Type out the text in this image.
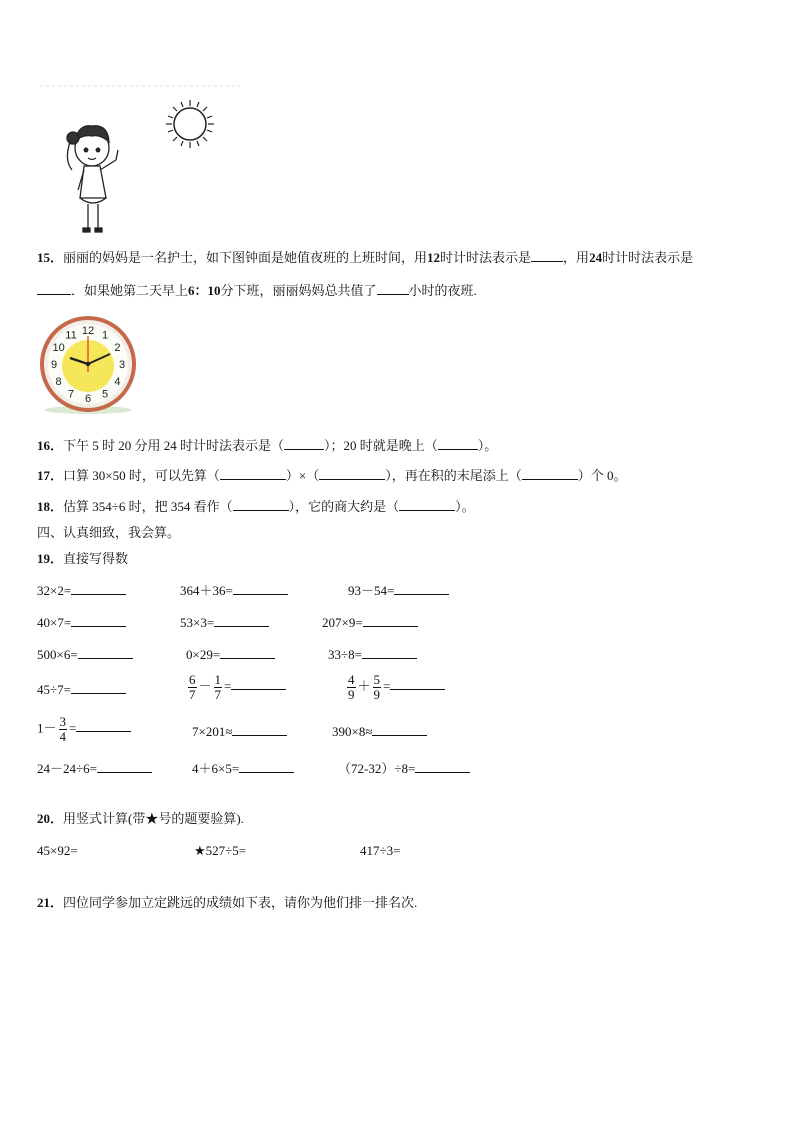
15．丽丽的妈妈是一名护士，如下图钟面是她值夜班的上班时间，用12时计时法表示是 ，用24时计时法表示是
．如果她第二天早上6：10分下班，丽丽妈妈总共值了 小时的夜班.
12 1
2
3
4
5
6
7
8
9
10
11
16．下午 5 时 20 分用 24 时计时法表示是（	）；20 时就是晚上（	）。
17．口算 30×50 时，可以先算（	）×（	），再在积的末尾添上（	）个 0。
18．估算 354÷6 时，把 354 看作（	），它的商大约是（	）。
四、认真细致，我会算。
19．直接写得数
32×2=	364＋36=	93－54=
40×7=	53×3=	207×9=
500×6=	0×29=	33÷8=
45÷7=	$\frac{6}{7} - \frac{1}{7}$ =	$\frac{4}{9} + \frac{5}{9}$ =
$1- \frac{3}{4}$ =	7×201≈	390×8≈
24－24÷6=	4＋6×5=	（72-32）÷8=
20．用竖式计算(带★号的题要验算).
45×92=	★527÷5=	417÷3=
21．四位同学参加立定跳远的成绩如下表，请你为他们排一排名次.
